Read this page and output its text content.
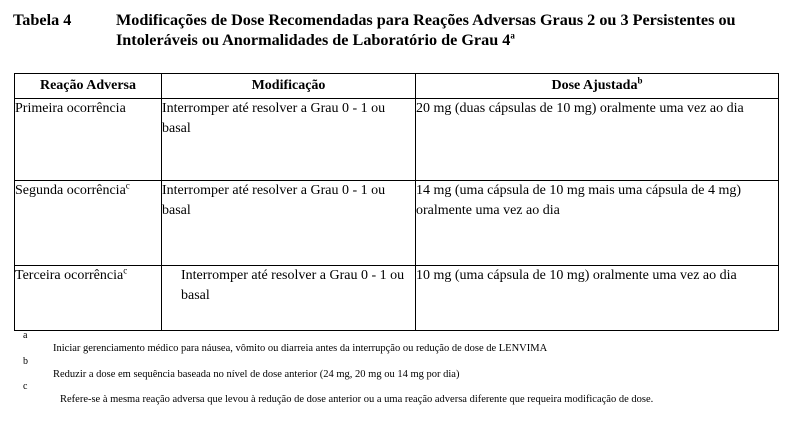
Tabela 4	Modificações de Dose Recomendadas para Reações Adversas Graus 2 ou 3 Persistentes ou Intoleráveis ou Anormalidades de Laboratório de Grau 4$^a$
Reação Adversa	Modificação	Dose Ajustada$^b$
Primeira ocorrência	Interromper até resolver a Grau 0 - 1 ou basal	20 mg (duas cápsulas de 10 mg) oralmente uma vez ao dia
Segunda ocorrência$^c$	Interromper até resolver a Grau 0 - 1 ou basal	14 mg (uma cápsula de 10 mg mais uma cápsula de 4 mg) oralmente uma vez ao dia
Terceira ocorrência$^c$	Interromper até resolver a Grau 0 - 1 ou basal	10 mg (uma cápsula de 10 mg) oralmente uma vez ao dia
a
Iniciar gerenciamento médico para náusea, vômito ou diarreia antes da interrupção ou redução de dose de LENVIMA
b
Reduzir a dose em sequência baseada no nível de dose anterior (24 mg, 20 mg ou 14 mg por dia)
c
Refere-se à mesma reação adversa que levou à redução de dose anterior ou a uma reação adversa diferente que requeira modificação de dose.
